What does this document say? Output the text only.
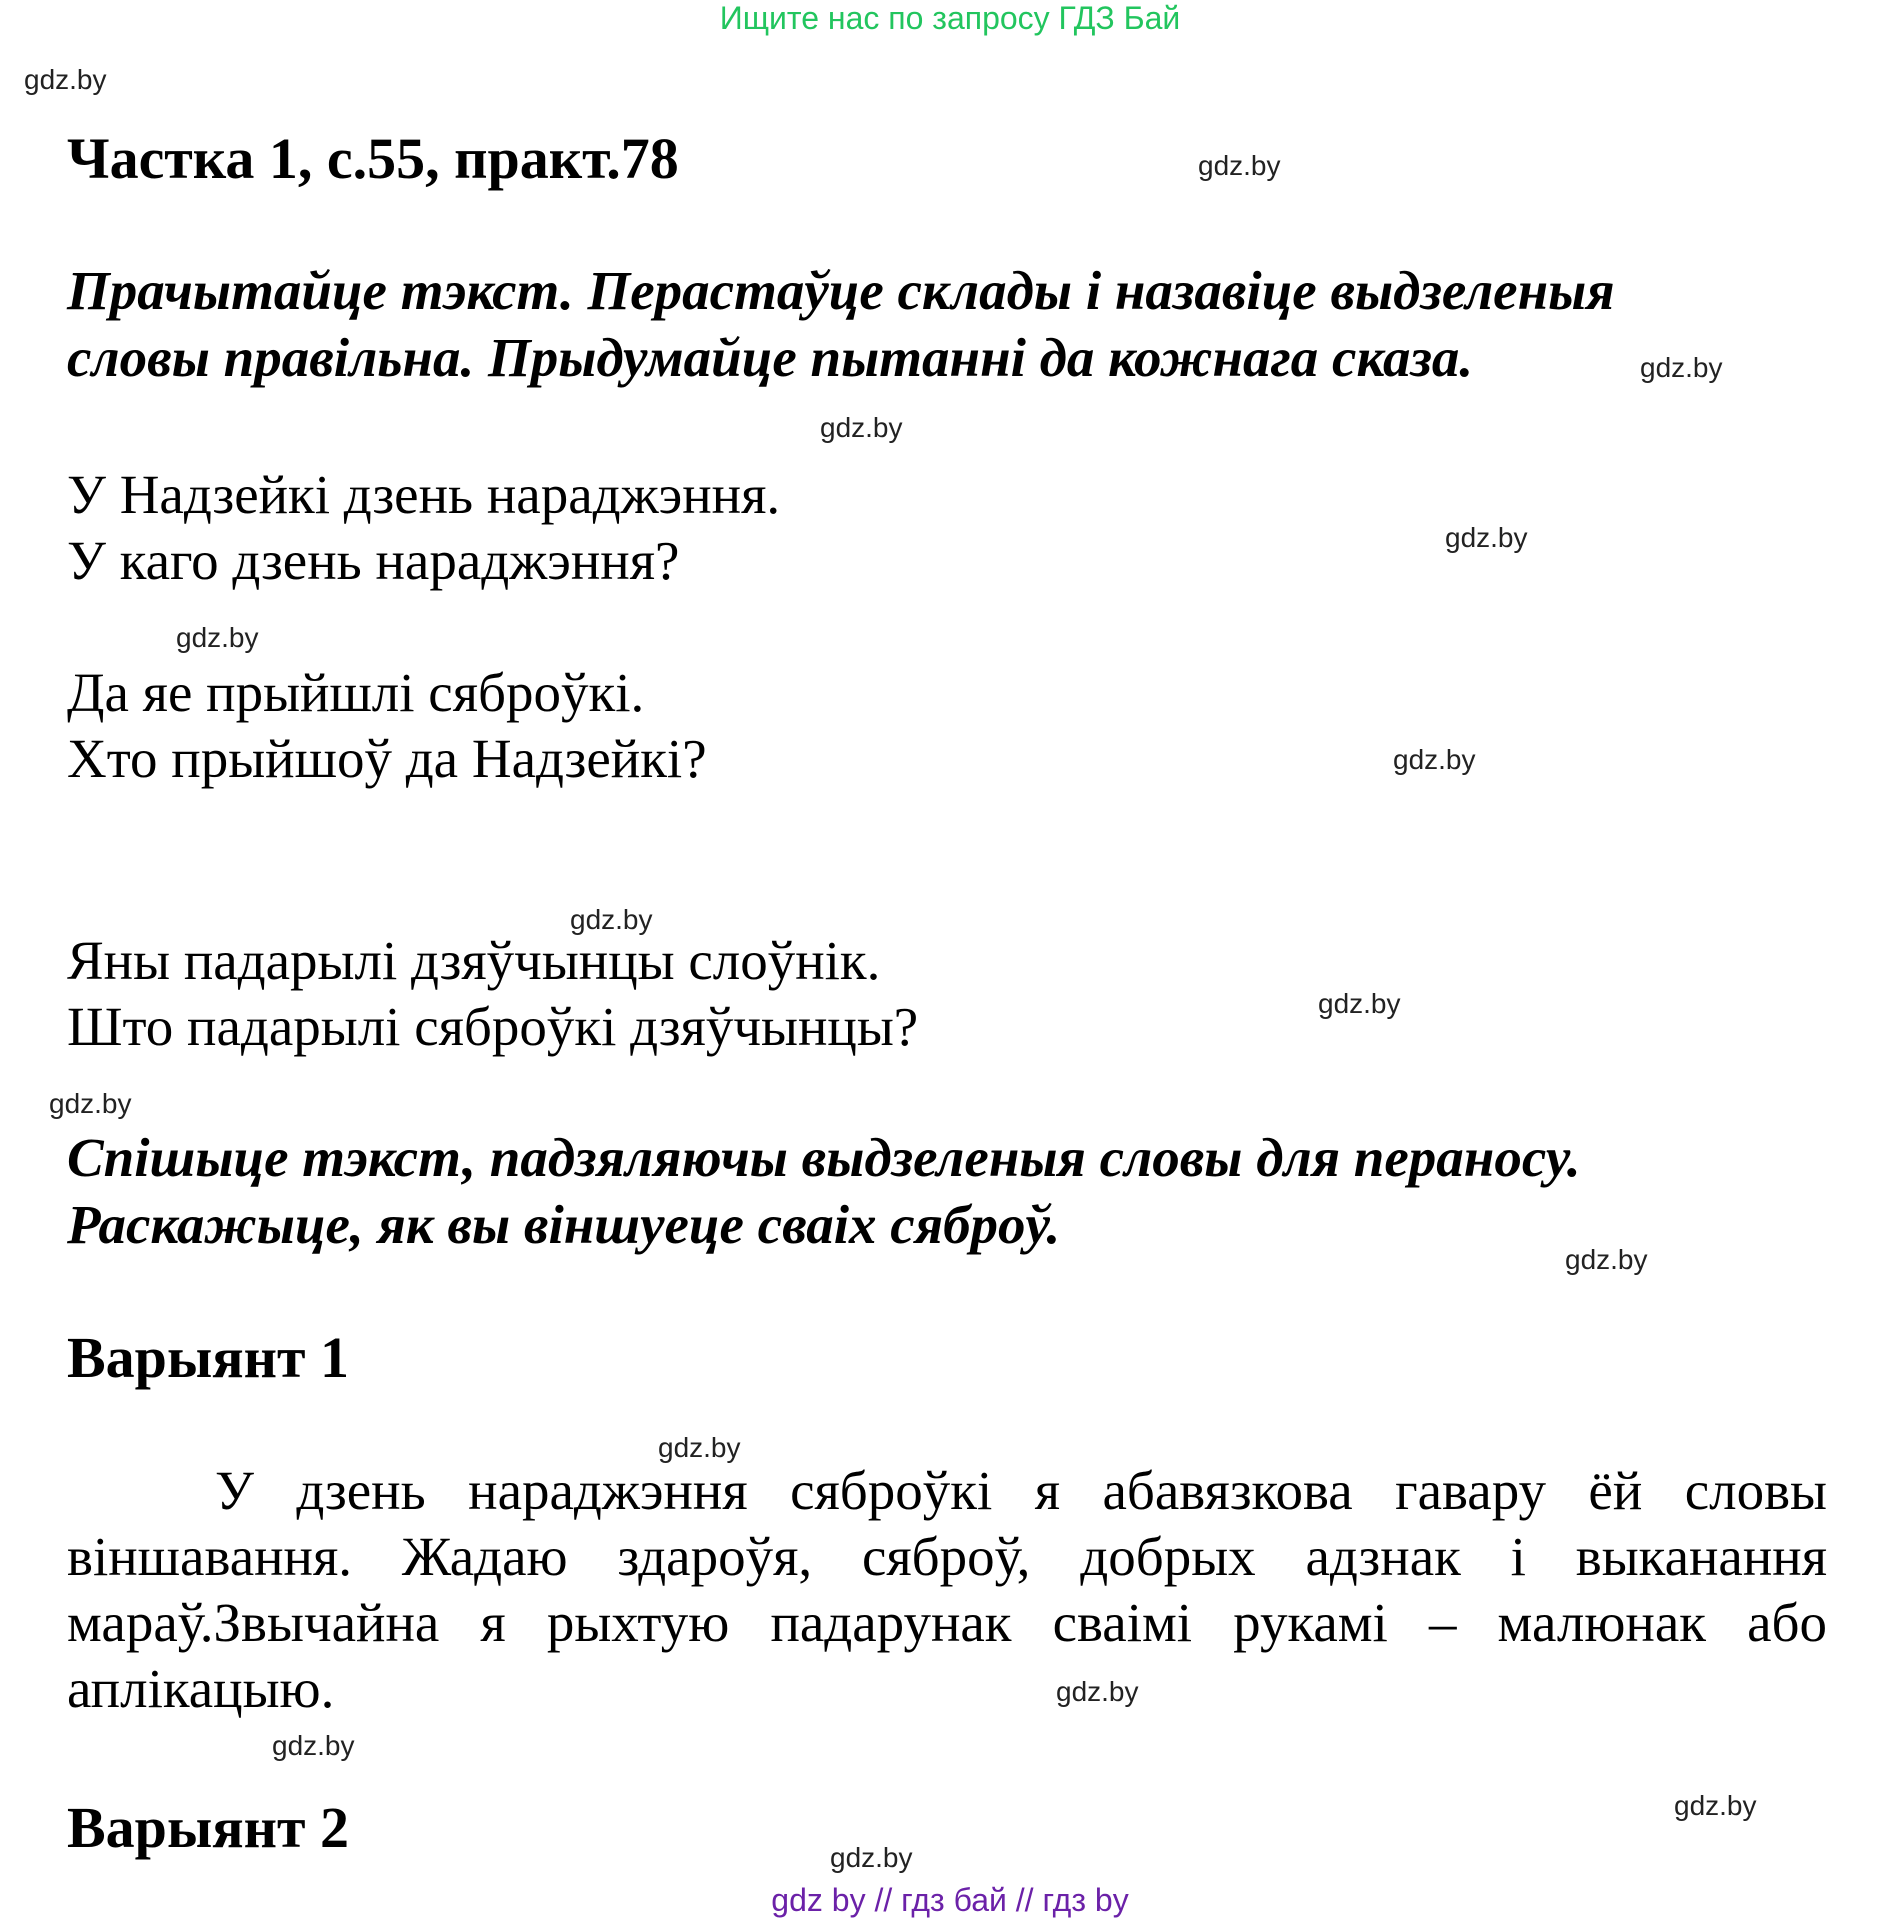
Ищите нас по запросу ГДЗ Бай
gdz.by
gdz.by
gdz.by
gdz.by
gdz.by
gdz.by
gdz.by
gdz.by
gdz.by
gdz.by
gdz.by
gdz.by
gdz.by
gdz.by
gdz.by
gdz.by
Частка 1, с.55, практ.78
Прачытайце тэкст. Перастаўце склады і назавіце выдзеленыя
словы правільна. Прыдумайце пытанні да кожнага сказа.
У Надзейкі дзень нараджэння.
У каго дзень нараджэння?
Да яе прыйшлі сяброўкі.
Хто прыйшоў да Надзейкі?
Яны падарылі дзяўчынцы слоўнік.
Што падарылі сяброўкі дзяўчынцы?
Спішыце тэкст, падзяляючы выдзеленыя словы для пераносу.
Раскажыце, як вы віншуеце сваіх сяброў.
Варыянт 1
У дзень нараджэння сяброўкі я абавязкова гавару ёй словы віншавання. Жадаю здароўя, сяброў, добрых адзнак і выканання мараў.Звычайна я рыхтую падарунак сваімі рукамі – малюнак або аплікацыю.
Варыянт 2
gdz by // гдз бай // гдз by
